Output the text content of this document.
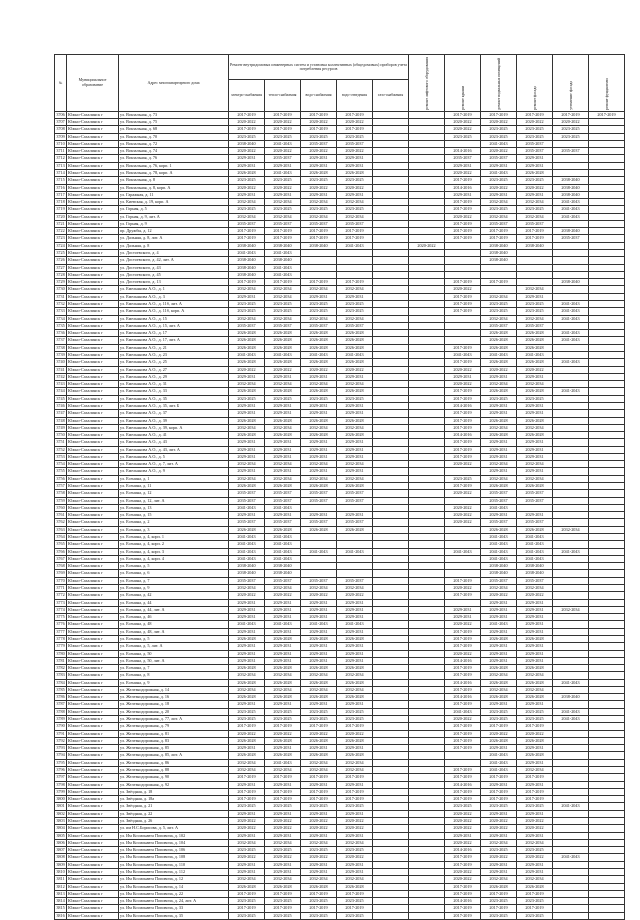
№	Муниципальное образование	Адрес многоквартирного дома	Ремонт внутридомовых инженерных систем и установка коллективных (общедомовых) приборов учета потребления ресурсов					ремонт лифтового оборудования	ремонт крыши	ремонт подвальных помещений	ремонт фасада	утепление фасада	ремонт фундамента
			электро-снабжения	тепло-снабжения	водо-снабжения	водо-отведения	газо-снабжения						
3706	Южно-Сахалинск г	ул. Вокзальная, д. 73	2017-2019	2017-2019	2017-2019	2017-2019			2017-2019	2017-2019	2017-2019	2017-2019	2017-2019
3707	Южно-Сахалинск г	ул. Вокзальная, д. 75	2020-2022	2020-2022	2020-2022	2020-2022			2020-2022	2020-2022	2020-2022	2020-2022	
3708	Южно-Сахалинск г	ул. Вокзальная, д. 68	2017-2019	2017-2019	2017-2019	2017-2019			2020-2022	2023-2025	2023-2025	2023-2025	
3709	Южно-Сахалинск г	ул. Вокзальная, д. 70	2023-2025	2023-2025	2023-2025	2023-2025			2023-2025	2023-2025	2023-2025	2023-2025	
3710	Южно-Сахалинск г	ул. Вокзальная, д. 72	2038-2040	2041-2043	2035-2037	2035-2037				2041-2043	2035-2037		
3711	Южно-Сахалинск г	ул. Вокзальная, д. 74	2020-2022	2020-2022	2020-2022	2020-2022			2014-2016	2020-2022	2035-2037	2035-2037	
3712	Южно-Сахалинск г	ул. Вокзальная, д. 76	2029-2031	2035-2037	2029-2031	2029-2031			2035-2037	2035-2037	2029-2031		
3713	Южно-Сахалинск г	ул. Вокзальная, д. 76, корп. 1	2029-2031	2029-2031	2029-2031	2029-2031			2029-2031	2029-2031	2029-2031		
3714	Южно-Сахалинск г	ул. Вокзальная, д. 78, корп. А	2026-2028	2041-2043	2026-2028	2026-2028			2020-2022	2041-2043	2026-2028		
3715	Южно-Сахалинск г	ул. Вокзальная, д. 8	2023-2025	2023-2025	2023-2025	2023-2025			2017-2019	2023-2025	2023-2025	2038-2040	
3716	Южно-Сахалинск г	ул. Вокзальная, д. 8, корп. А	2020-2022	2020-2022	2020-2022	2020-2022			2014-2016	2020-2022	2020-2022	2038-2040	
3717	Южно-Сахалинск г	ул. Гаражная, д. 11	2029-2031	2029-2031	2029-2031	2029-2031			2029-2031	2029-2031	2029-2031	2038-2040	
3718	Южно-Сахалинск г	ул. Киевская, д. 19, корп. А	2032-2034	2032-2034	2032-2034	2032-2034			2017-2019	2032-2034	2032-2034	2041-2043	
3719	Южно-Сахалинск г	ул. Горная, д. 5	2023-2025	2023-2025	2023-2025	2023-2025			2017-2019	2023-2025	2023-2025	2041-2043	
3720	Южно-Сахалинск г	ул. Горная, д. 9, лит. А	2032-2034	2032-2034	2032-2034	2032-2034			2020-2022	2032-2034	2032-2034	2041-2043	
3721	Южно-Сахалинск г	ул. Горная, д. 9	2035-2037	2035-2037	2035-2037	2035-2037			2017-2019	2035-2037	2035-2037		
3722	Южно-Сахалинск г	пр. Дружбы, д. 12	2017-2019	2017-2019	2017-2019	2017-2019			2017-2019	2017-2019	2017-2019	2038-2040	
3723	Южно-Сахалинск г	ул. Дальняя, д. 8, лит. А	2017-2019	2017-2019	2017-2019	2017-2019			2017-2019	2017-2019	2017-2019	2035-2037	
3724	Южно-Сахалинск г	ул. Дальняя, д. 8	2038-2040	2038-2040	2038-2040	2041-2043		2020-2022		2038-2040	2038-2040		
3725	Южно-Сахалинск г	ул. Достоевского, д. 4	2041-2043	2041-2043						2038-2040			
3726	Южно-Сахалинск г	ул. Достоевского, д. 42, лит. А	2038-2040	2038-2040						2038-2040			
3727	Южно-Сахалинск г	ул. Достоевского, д. 43	2038-2040	2041-2043									
3728	Южно-Сахалинск г	ул. Достоевского, д. 45	2038-2040	2041-2043									
3729	Южно-Сахалинск г	ул. Достоевского, д. 13	2017-2019	2017-2019	2017-2019	2017-2019			2017-2019	2017-2019		2038-2040	
3730	Южно-Сахалинск г	ул. Емельянова А.О., д. 1	2032-2034	2032-2034	2032-2034	2032-2034			2020-2022		2032-2034		
3731	Южно-Сахалинск г	ул. Емельянова А.О., д. 3	2029-2031	2032-2034	2029-2031	2029-2031			2017-2019	2032-2034	2029-2031		
3732	Южно-Сахалинск г	ул. Емельянова А.О., д. 11б, лит. А	2023-2025	2023-2025	2023-2025	2023-2025			2017-2019	2023-2025	2023-2025	2041-2043	
3733	Южно-Сахалинск г	ул. Емельянова А.О., д. 11б, корп. А	2023-2025	2023-2025	2023-2025	2023-2025			2017-2019	2023-2025	2023-2025	2041-2043	
3734	Южно-Сахалинск г	ул. Емельянова А.О., д. 15	2032-2034	2032-2034	2032-2034	2032-2034				2032-2034	2032-2034	2041-2043	
3735	Южно-Сахалинск г	ул. Емельянова А.О., д. 15, лит. А	2035-2037	2035-2037	2035-2037	2035-2037				2035-2037	2035-2037		
3736	Южно-Сахалинск г	ул. Емельянова А.О., д. 17	2026-2028	2026-2028	2026-2028	2026-2028				2026-2028	2026-2028	2041-2043	
3737	Южно-Сахалинск г	ул. Емельянова А.О., д. 17, лит. А	2026-2028	2026-2028	2026-2028	2026-2028				2026-2028	2026-2028	2041-2043	
3738	Южно-Сахалинск г	ул. Емельянова А.О., д. 21	2026-2028	2026-2028	2026-2028	2026-2028			2017-2019	2026-2028	2026-2028		
3739	Южно-Сахалинск г	ул. Емельянова А.О., д. 23	2041-2043	2041-2043	2041-2043	2041-2043			2041-2043	2041-2043	2041-2043		
3740	Южно-Сахалинск г	ул. Емельянова А.О., д. 25	2026-2028	2026-2028	2026-2028	2026-2028			2017-2019	2026-2028	2026-2028	2041-2043	
3741	Южно-Сахалинск г	ул. Емельянова А.О., д. 27	2020-2022	2020-2022	2020-2022	2020-2022			2020-2022	2020-2022	2020-2022		
3742	Южно-Сахалинск г	ул. Емельянова А.О., д. 29	2029-2031	2029-2031	2029-2031	2029-2031			2029-2031	2029-2031	2029-2031		
3743	Южно-Сахалинск г	ул. Емельянова А.О., д. 31	2032-2034	2032-2034	2032-2034	2032-2034			2020-2022	2032-2034	2032-2034		
3744	Южно-Сахалинск г	ул. Емельянова А.О., д. 33	2026-2028	2026-2028	2026-2028	2026-2028			2017-2019	2026-2028	2026-2028	2041-2043	
3745	Южно-Сахалинск г	ул. Емельянова А.О., д. 35	2023-2025	2023-2025	2023-2025	2023-2025			2017-2019	2023-2025	2023-2025		
3746	Южно-Сахалинск г	ул. Емельянова А.О., д. 35, лит. Б	2029-2031	2029-2031	2029-2031	2029-2031			2014-2016	2029-2031	2029-2031		
3747	Южно-Сахалинск г	ул. Емельянова А.О., д. 37	2029-2031	2029-2031	2029-2031	2029-2031			2017-2019	2029-2031	2029-2031		
3748	Южно-Сахалинск г	ул. Емельянова А.О., д. 39	2026-2028	2026-2028	2026-2028	2026-2028			2017-2019	2026-2028	2026-2028		
3749	Южно-Сахалинск г	ул. Емельянова А.О., д. 39, корп. А	2032-2034	2032-2034	2032-2034	2032-2034			2017-2019	2032-2034	2032-2034		
3750	Южно-Сахалинск г	ул. Емельянова А.О., д. 41	2026-2028	2026-2028	2026-2028	2026-2028			2014-2016	2026-2028	2026-2028		
3751	Южно-Сахалинск г	ул. Емельянова А.О., д. 43	2029-2031	2029-2031	2029-2031	2029-2031			2017-2019	2029-2031	2029-2031		
3752	Южно-Сахалинск г	ул. Емельянова А.О., д. 43, лит. А	2029-2031	2029-2031	2029-2031	2029-2031			2017-2019	2029-2031	2029-2031		
3753	Южно-Сахалинск г	ул. Емельянова А.О., д. 5	2029-2031	2029-2031	2029-2031	2029-2031			2017-2019	2029-2031	2029-2031		
3754	Южно-Сахалинск г	ул. Емельянова А.О., д. 7, лит. А	2032-2034	2032-2034	2032-2034	2032-2034			2020-2022	2032-2034	2032-2034		
3755	Южно-Сахалинск г	ул. Емельянова А.О., д. 9	2029-2031	2029-2031	2029-2031	2029-2031				2029-2031	2029-2031		
3756	Южно-Сахалинск г	ул. Есенина, д. 1	2032-2034	2032-2034	2032-2034	2032-2034			2023-2025	2032-2034	2032-2034		
3757	Южно-Сахалинск г	ул. Есенина, д. 11	2026-2028	2026-2028	2026-2028	2026-2028			2017-2019	2026-2028	2026-2028		
3758	Южно-Сахалинск г	ул. Есенина, д. 12	2035-2037	2035-2037	2035-2037	2035-2037			2020-2022	2035-2037	2035-2037		
3759	Южно-Сахалинск г	ул. Есенина, д. 12, лит. А	2035-2037	2035-2037	2035-2037	2035-2037				2035-2037	2035-2037		
3760	Южно-Сахалинск г	ул. Есенина, д. 13	2041-2043	2041-2043					2020-2022	2041-2043			
3761	Южно-Сахалинск г	ул. Есенина, д. 15	2029-2031	2029-2031	2029-2031	2029-2031			2020-2022	2029-2031	2029-2031		
3762	Южно-Сахалинск г	ул. Есенина, д. 2	2035-2037	2035-2037	2035-2037	2035-2037			2020-2022	2035-2037	2035-2037		
3763	Южно-Сахалинск г	ул. Есенина, д. 3	2026-2028	2026-2028	2026-2028	2026-2028				2026-2028	2026-2028	2032-2034	
3764	Южно-Сахалинск г	ул. Есенина, д. 4, корп. 1	2041-2043	2041-2043						2041-2043	2041-2043		
3765	Южно-Сахалинск г	ул. Есенина, д. 4, корп. 2	2041-2043	2041-2043						2041-2043	2041-2043		
3766	Южно-Сахалинск г	ул. Есенина, д. 4, корп. 3	2041-2043	2041-2043	2041-2043	2041-2043			2041-2043	2041-2043	2041-2043	2041-2043	
3767	Южно-Сахалинск г	ул. Есенина, д. 4, корп. 4	2041-2043	2041-2043						2041-2043	2041-2043		
3768	Южно-Сахалинск г	ул. Есенина, д. 5	2038-2040	2038-2040						2038-2040	2038-2040		
3769	Южно-Сахалинск г	ул. Есенина, д. 6	2038-2040	2038-2040						2038-2040	2038-2040		
3770	Южно-Сахалинск г	ул. Есенина, д. 7	2035-2037	2035-2037	2035-2037	2035-2037			2017-2019	2035-2037	2035-2037		
3771	Южно-Сахалинск г	ул. Есенина, д. 9	2032-2034	2032-2034	2032-2034	2032-2034			2020-2022	2032-2034	2032-2034		
3772	Южно-Сахалинск г	ул. Есенина, д. 42	2020-2022	2020-2022	2020-2022	2020-2022			2017-2019	2020-2022	2020-2022		
3773	Южно-Сахалинск г	ул. Есенина, д. 44	2029-2031	2029-2031	2029-2031	2029-2031				2029-2031	2029-2031		
3774	Южно-Сахалинск г	ул. Есенина, д. 44, лит. А	2029-2031	2029-2031	2029-2031	2029-2031			2029-2031	2029-2031	2029-2031	2032-2034	
3775	Южно-Сахалинск г	ул. Есенина, д. 46	2029-2031	2029-2031	2029-2031	2029-2031			2029-2031	2029-2031	2029-2031		
3776	Южно-Сахалинск г	ул. Есенина, д. 48	2041-2043	2041-2043	2041-2043	2041-2043			2020-2022	2041-2043	2029-2031		
3777	Южно-Сахалинск г	ул. Есенина, д. 48, лит. А	2029-2031	2029-2031	2029-2031	2029-2031			2017-2019	2029-2031	2029-2031		
3778	Южно-Сахалинск г	ул. Есенина, д. 5	2026-2028	2026-2028	2026-2028	2026-2028			2017-2019	2026-2028	2026-2028		
3779	Южно-Сахалинск г	ул. Есенина, д. 5, лит. А	2029-2031	2029-2031	2029-2031	2029-2031			2017-2019	2029-2031	2029-2031		
3780	Южно-Сахалинск г	ул. Есенина, д. 50	2029-2031	2029-2031	2029-2031	2029-2031			2020-2022	2029-2031	2029-2031		
3781	Южно-Сахалинск г	ул. Есенина, д. 50, лит. А	2029-2031	2029-2031	2029-2031	2029-2031			2014-2016	2029-2031	2029-2031		
3782	Южно-Сахалинск г	ул. Есенина, д. 7	2026-2028	2026-2028	2026-2028	2026-2028			2017-2019	2026-2028	2026-2028		
3783	Южно-Сахалинск г	ул. Есенина, д. 8	2032-2034	2032-2034	2032-2034	2032-2034			2017-2019	2032-2034	2032-2034		
3784	Южно-Сахалинск г	ул. Есенина, д. 9	2026-2028	2026-2028	2026-2028	2026-2028			2014-2016	2026-2028	2026-2028	2041-2043	
3785	Южно-Сахалинск г	ул. Железнодорожная, д. 14	2032-2034	2032-2034	2032-2034	2032-2034			2017-2019	2032-2034	2032-2034		
3786	Южно-Сахалинск г	ул. Железнодорожная, д. 16	2026-2028	2026-2028	2026-2028	2026-2028			2014-2016	2026-2028	2026-2028	2038-2040	
3787	Южно-Сахалинск г	ул. Железнодорожная, д. 18	2029-2031	2029-2031	2029-2031	2029-2031			2017-2019	2029-2031	2029-2031		
3788	Южно-Сахалинск г	ул. Железнодорожная, д. 20	2023-2025	2023-2025	2023-2025	2023-2025			2041-2043	2023-2025	2023-2025	2041-2043	
3789	Южно-Сахалинск г	ул. Железнодорожная, д. 77, лит. А	2023-2025	2023-2025	2023-2025	2023-2025			2020-2022	2023-2025	2023-2025	2041-2043	
3790	Южно-Сахалинск г	ул. Железнодорожная, д. 79	2017-2019	2017-2019	2017-2019	2017-2019			2017-2019	2017-2019	2017-2019		
3791	Южно-Сахалинск г	ул. Железнодорожная, д. 81	2020-2022	2020-2022	2020-2022	2020-2022			2017-2019	2020-2022	2020-2022		
3792	Южно-Сахалинск г	ул. Железнодорожная, д. 83	2026-2028	2026-2028	2026-2028	2026-2028			2017-2019	2026-2028	2026-2028		
3793	Южно-Сахалинск г	ул. Железнодорожная, д. 85	2029-2031	2029-2031	2029-2031	2029-2031			2017-2019	2029-2031	2029-2031		
3794	Южно-Сахалинск г	ул. Железнодорожная, д. 85, лит. А	2026-2028	2026-2028	2026-2028	2026-2028				2041-2043	2026-2028		
3795	Южно-Сахалинск г	ул. Железнодорожная, д. 86	2032-2034	2041-2043	2032-2034	2032-2034				2041-2043	2029-2031		
3796	Южно-Сахалинск г	ул. Железнодорожная, д. 88	2032-2034	2032-2034	2032-2034	2032-2034			2017-2019	2041-2043	2032-2034		
3797	Южно-Сахалинск г	ул. Железнодорожная, д. 90	2017-2019	2017-2019	2017-2019	2017-2019			2017-2019	2017-2019	2017-2019		
3798	Южно-Сахалинск г	ул. Железнодорожная, д. 92	2029-2031	2029-2031	2029-2031	2029-2031			2014-2016	2029-2031	2029-2031		
3799	Южно-Сахалинск г	ул. Звёздная, д. 18	2017-2019	2017-2019	2017-2019	2017-2019			2017-2019	2017-2019	2017-2019		
3800	Южно-Сахалинск г	ул. Звёздная, д. 18а	2017-2019	2017-2019	2017-2019	2017-2019			2017-2019	2017-2019	2017-2019		
3801	Южно-Сахалинск г	ул. Звёздная, д. 21	2023-2025	2023-2025	2023-2025	2023-2025			2023-2025	2023-2025	2023-2025	2041-2043	
3802	Южно-Сахалинск г	ул. Звёздная, д. 22	2029-2031	2029-2031	2029-2031	2029-2031			2020-2022	2029-2031	2029-2031		
3803	Южно-Сахалинск г	ул. Звёздная, д. 26	2020-2022	2020-2022	2020-2022	2020-2022			2020-2022	2020-2022	2020-2022		
3804	Южно-Сахалинск г	ул. им Н.С.Борисова, д. 5, лит. А	2020-2022	2020-2022	2020-2022	2020-2022			2020-2022	2020-2022	2020-2022		
3805	Южно-Сахалинск г	ул. Им Космонавта Поповича, д. 102	2029-2031	2029-2031	2029-2031	2029-2031			2029-2031	2029-2031	2029-2031		
3806	Южно-Сахалинск г	ул. Им Космонавта Поповича, д. 104	2032-2034	2032-2034	2032-2034	2032-2034			2020-2022	2032-2034	2032-2034		
3807	Южно-Сахалинск г	ул. Им Космонавта Поповича, д. 106	2023-2025	2023-2025	2023-2025	2023-2025			2014-2016	2023-2025	2023-2025		
3808	Южно-Сахалинск г	ул. Им Космонавта Поповича, д. 108	2020-2022	2020-2022	2020-2022	2020-2022			2017-2019	2020-2022	2020-2022	2041-2043	
3809	Южно-Сахалинск г	ул. Им Космонавта Поповича, д. 110	2029-2031	2029-2031	2029-2031	2029-2031			2017-2019	2029-2031	2029-2031		
3810	Южно-Сахалинск г	ул. Им Космонавта Поповича, д. 112	2029-2031	2029-2031	2029-2031	2029-2031			2020-2022	2029-2031	2029-2031		
3811	Южно-Сахалинск г	ул. Им Космонавта Поповича, д. 12	2032-2034	2032-2034	2032-2034	2032-2034			2020-2022	2032-2034	2032-2034		
3812	Южно-Сахалинск г	ул. Им Космонавта Поповича, д. 14	2026-2028	2026-2028	2026-2028	2026-2028			2017-2019	2026-2028	2026-2028		
3813	Южно-Сахалинск г	ул. Им Космонавта Поповича, д. 22	2017-2019	2017-2019	2017-2019	2017-2019			2017-2019	2017-2019	2017-2019		
3814	Южно-Сахалинск г	ул. Им Космонавта Поповича, д. 24, лит. А	2023-2025	2023-2025	2023-2025	2023-2025			2014-2016	2023-2025	2023-2025		
3815	Южно-Сахалинск г	ул. Им Космонавта Поповича, д. 33	2017-2019	2017-2019	2017-2019	2017-2019			2017-2019	2017-2019	2017-2019		
3816	Южно-Сахалинск г	ул. Им Космонавта Поповича, д. 35	2023-2025	2023-2025	2023-2025	2023-2025			2017-2019	2023-2025	2023-2025		
